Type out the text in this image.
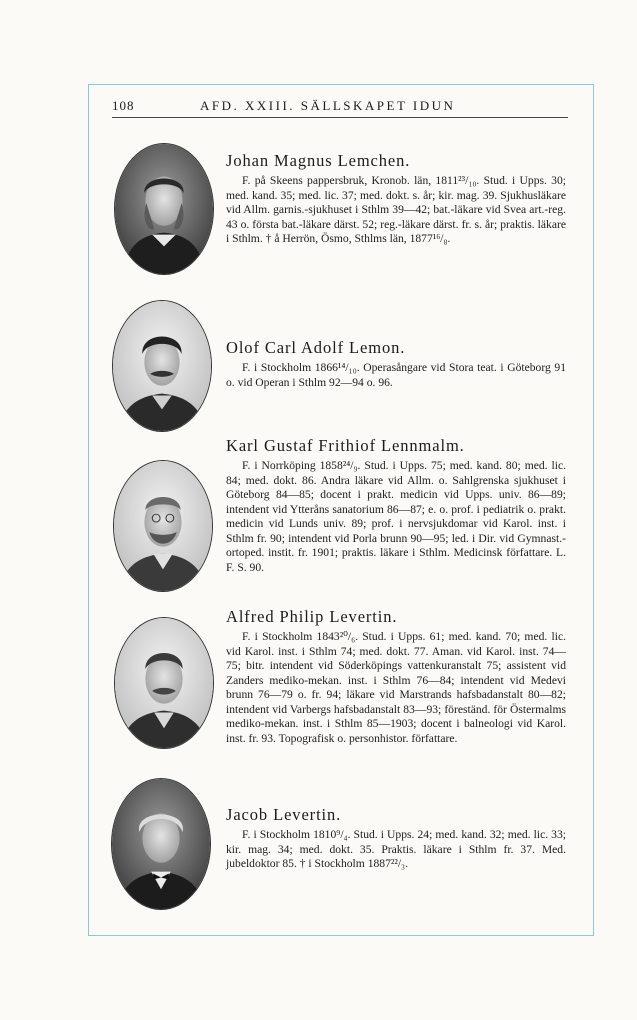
108	AFD. XXIII. SÄLLSKAPET IDUN
Johan Magnus Lemchen.
F. på Skeens pappersbruk, Kronob. län, 1811²³/₁₀. Stud. i Upps. 30; med. kand. 35; med. lic. 37; med. dokt. s. år; kir. mag. 39. Sjukhusläkare vid Allm. garnis.-sjukhuset i Sthlm 39—42; bat.-läkare vid Svea art.-reg. 43 o. första bat.-läkare därst. 52; reg.-läkare därst. fr. s. år; praktis. läkare i Sthlm. † å Herrön, Ösmo, Sthlms län, 1877¹⁶/₈.
Olof Carl Adolf Lemon.
F. i Stockholm 1866¹⁴/₁₀. Operasångare vid Stora teat. i Göteborg 91 o. vid Operan i Sthlm 92—94 o. 96.
Karl Gustaf Frithiof Lennmalm.
F. i Norrköping 1858²⁴/₉. Stud. i Upps. 75; med. kand. 80; med. lic. 84; med. dokt. 86. Andra läkare vid Allm. o. Sahlgrenska sjukhuset i Göteborg 84—85; docent i prakt. medicin vid Upps. univ. 86—89; intendent vid Ytteråns sanatorium 86—87; e. o. prof. i pediatrik o. prakt. medicin vid Lunds univ. 89; prof. i nervsjukdomar vid Karol. inst. i Sthlm fr. 90; intendent vid Porla brunn 90—95; led. i Dir. vid Gymnast.-ortoped. instit. fr. 1901; praktis. läkare i Sthlm. Medicinsk författare. L. F. S. 90.
Alfred Philip Levertin.
F. i Stockholm 1843²⁰/₆. Stud. i Upps. 61; med. kand. 70; med. lic. vid Karol. inst. i Sthlm 74; med. dokt. 77. Aman. vid Karol. inst. 74—75; bitr. intendent vid Söderköpings vattenkuranstalt 75; assistent vid Zanders mediko-mekan. inst. i Sthlm 76—84; intendent vid Medevi brunn 76—79 o. fr. 94; läkare vid Marstrands hafsbadanstalt 80—82; intendent vid Varbergs hafsbadanstalt 83—93; föreständ. för Östermalms mediko-mekan. inst. i Sthlm 85—1903; docent i balneologi vid Karol. inst. fr. 93. Topografisk o. personhistor. författare.
Jacob Levertin.
F. i Stockholm 1810⁹/₄. Stud. i Upps. 24; med. kand. 32; med. lic. 33; kir. mag. 34; med. dokt. 35. Praktis. läkare i Sthlm fr. 37. Med. jubeldoktor 85. † i Stockholm 1887²²/₃.
